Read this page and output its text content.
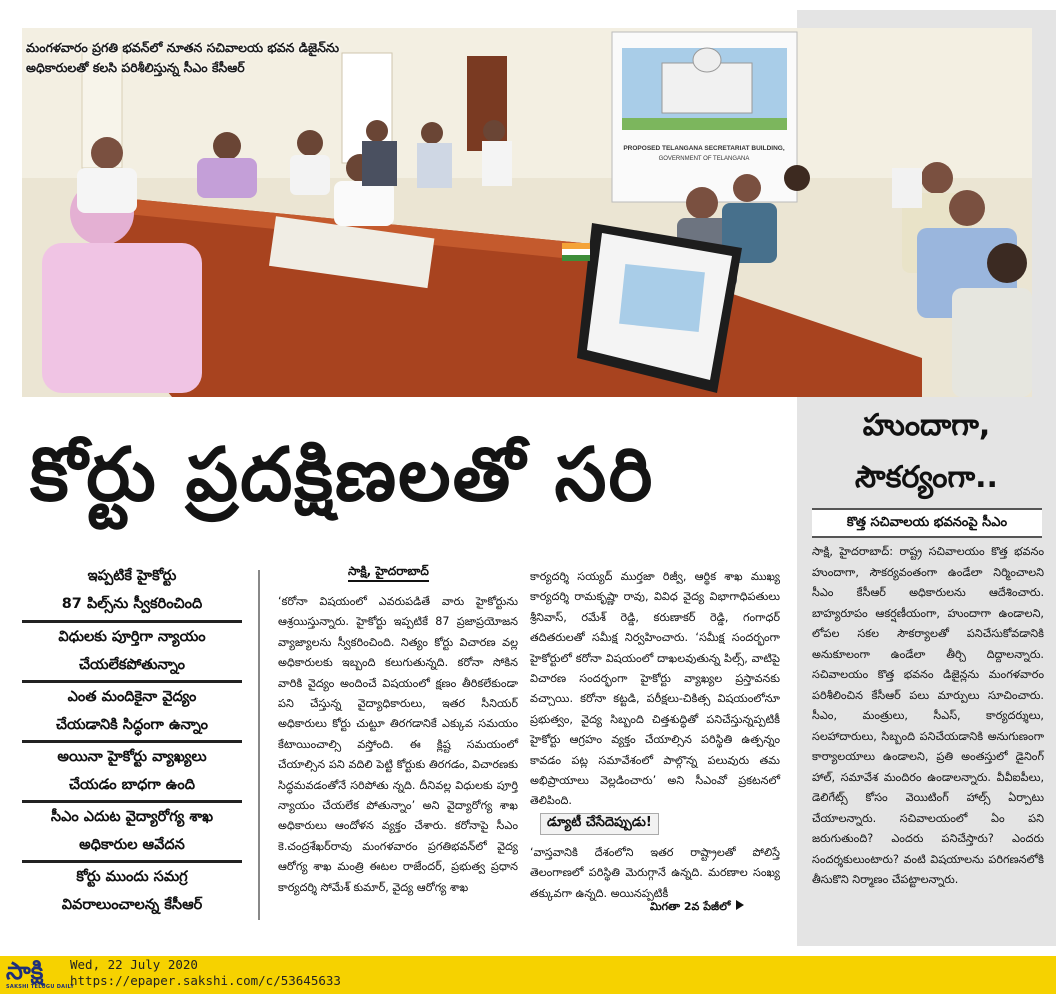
PROPOSED TELANGANA SECRETARIAT BUILDING,
GOVERNMENT OF TELANGANA
మంగళవారం ప్రగతి భవన్‌లో నూతన సచివాలయ భవన డిజైన్‌ను
అధికారులతో కలసి పరిశీలిస్తున్న సీఎం కేసీఆర్
కోర్టు ప్రదక్షిణలతో సరి
హుందాగా,
సౌకర్యంగా..
కొత్త సచివాలయ భవనంపై సీఎం

సాక్షి, హైదరాబాద్: రాష్ట్ర సచివాలయం కొత్త భవనం హుందాగా, సౌకర్యవంతంగా ఉండేలా నిర్మించాలని సీఎం కేసీఆర్ అధికారులను ఆదేశించారు. బాహ్యరూపం ఆకర్షణీయంగా, హుందాగా ఉండాలని, లోపల సకల సౌకర్యాలతో పనిచేసుకోవడానికి అనుకూలంగా ఉండేలా తీర్చి దిద్దాలన్నారు. సచివాలయం కొత్త భవనం డిజైన్లను మంగళవారం పరిశీలించిన కేసీఆర్ పలు మార్పులు సూచించారు. సీఎం, మంత్రులు, సీఎస్, కార్యదర్శులు, సలహాదారులు, సిబ్బంది పనిచేయడానికి అనుగుణంగా కార్యాలయాలు ఉండాలని, ప్రతి అంతస్తులో డైనింగ్ హాల్, సమావేశ మందిరం ఉండాలన్నారు. వీవీఐపీలు, డెలిగేట్స్ కోసం వెయిటింగ్ హాల్స్ ఏర్పాటు చేయాలన్నారు. సచివాలయంలో ఏం పని జరుగుతుంది? ఎందరు పనిచేస్తారు? ఎందరు సందర్శకులుంటారు? వంటి విషయాలను పరిగణనలోకి తీసుకొని నిర్మాణం చేపట్టాలన్నారు.

ఇప్పటికే హైకోర్టు
87 పిల్స్‌ను స్వీకరించింది
విధులకు పూర్తిగా న్యాయం
చేయలేకపోతున్నాం
ఎంత మందికైనా వైద్యం
చేయడానికి సిద్ధంగా ఉన్నాం
అయినా హైకోర్టు వ్యాఖ్యలు
చేయడం బాధగా ఉంది
సీఎం ఎదుట వైద్యారోగ్య శాఖ
అధికారుల ఆవేదన
కోర్టు ముందు సమగ్ర
వివరాలుంచాలన్న కేసీఆర్
సాక్షి, హైదరాబాద్

‘కరోనా విషయంలో ఎవరుపడితే వారు హైకోర్టును ఆశ్రయిస్తున్నారు. హైకోర్టు ఇప్పటికే 87 ప్రజాప్రయోజన వ్యాజ్యాలను స్వీకరించింది. నిత్యం కోర్టు విచారణ వల్ల అధికారులకు ఇబ్బంది కలుగుతున్నది. కరోనా సోకిన వారికి వైద్యం అందించే విషయంలో క్షణం తీరికలేకుండా పని చేస్తున్న వైద్యాధికారులు, ఇతర సీనియర్ అధికారులు కోర్టు చుట్టూ తిరగడానికే ఎక్కువ సమయం కేటాయించాల్సి వస్తోంది. ఈ క్లిష్ట సమయంలో చేయాల్సిన పని వదిలి పెట్టి కోర్టుకు తిరగడం, విచారణకు సిద్ధమవడంతోనే సరిపోతు న్నది. దీనివల్ల విధులకు పూర్తి న్యాయం చేయలేక పోతున్నాం’ అని వైద్యారోగ్య శాఖ అధికారులు ఆందోళన వ్యక్తం చేశారు. కరోనాపై సీఎం కె.చంద్రశేఖర్‌రావు మంగళవారం ప్రగతిభవన్‌లో వైద్య ఆరోగ్య శాఖ మంత్రి ఈటల రాజేందర్, ప్రభుత్వ ప్రధాన కార్యదర్శి సోమేశ్ కుమార్, వైద్య ఆరోగ్య శాఖ

కార్యదర్శి సయ్యద్ ముర్తజా రిజ్వీ, ఆర్థిక శాఖ ముఖ్య కార్యదర్శి రామకృష్ణా రావు, వివిధ వైద్య విభాగాధిపతులు శ్రీనివాస్, రమేశ్ రెడ్డి, కరుణాకర్ రెడ్డి, గంగాధర్ తదితరులతో సమీక్ష నిర్వహించారు. ‘సమీక్ష సందర్భంగా హైకోర్టులో కరోనా విషయంలో దాఖలవుతున్న పిల్స్, వాటిపై విచారణ సందర్భంగా హైకోర్టు వ్యాఖ్యల ప్రస్తావనకు వచ్చాయి. కరోనా కట్టడి, పరీక్షలు-చికిత్స విషయంలోనూ ప్రభుత్వం, వైద్య సిబ్బంది చిత్తశుద్ధితో పనిచేస్తున్నప్పటికీ హైకోర్టు ఆగ్రహం వ్యక్తం చేయాల్సిన పరిస్థితి ఉత్పన్నం కావడం పట్ల సమావేశంలో పాల్గొన్న పలువురు తమ అభిప్రాయాలు వెల్లడించారు’ అని సీఎంవో ప్రకటనలో తెలిపింది.

డ్యూటీ చేసేదెప్పుడు!

‘వాస్తవానికి దేశంలోని ఇతర రాష్ట్రాలతో పోలిస్తే తెలంగాణలో పరిస్థితి మెరుగ్గానే ఉన్నది. మరణాల సంఖ్య తక్కువగా ఉన్నది. అయినప్పటికీ

మిగతా 2వ పేజీలో
సాక్షి
SAKSHI TELUGU DAILY
Wed, 22 July 2020
https://epaper.sakshi.com/c/53645633
